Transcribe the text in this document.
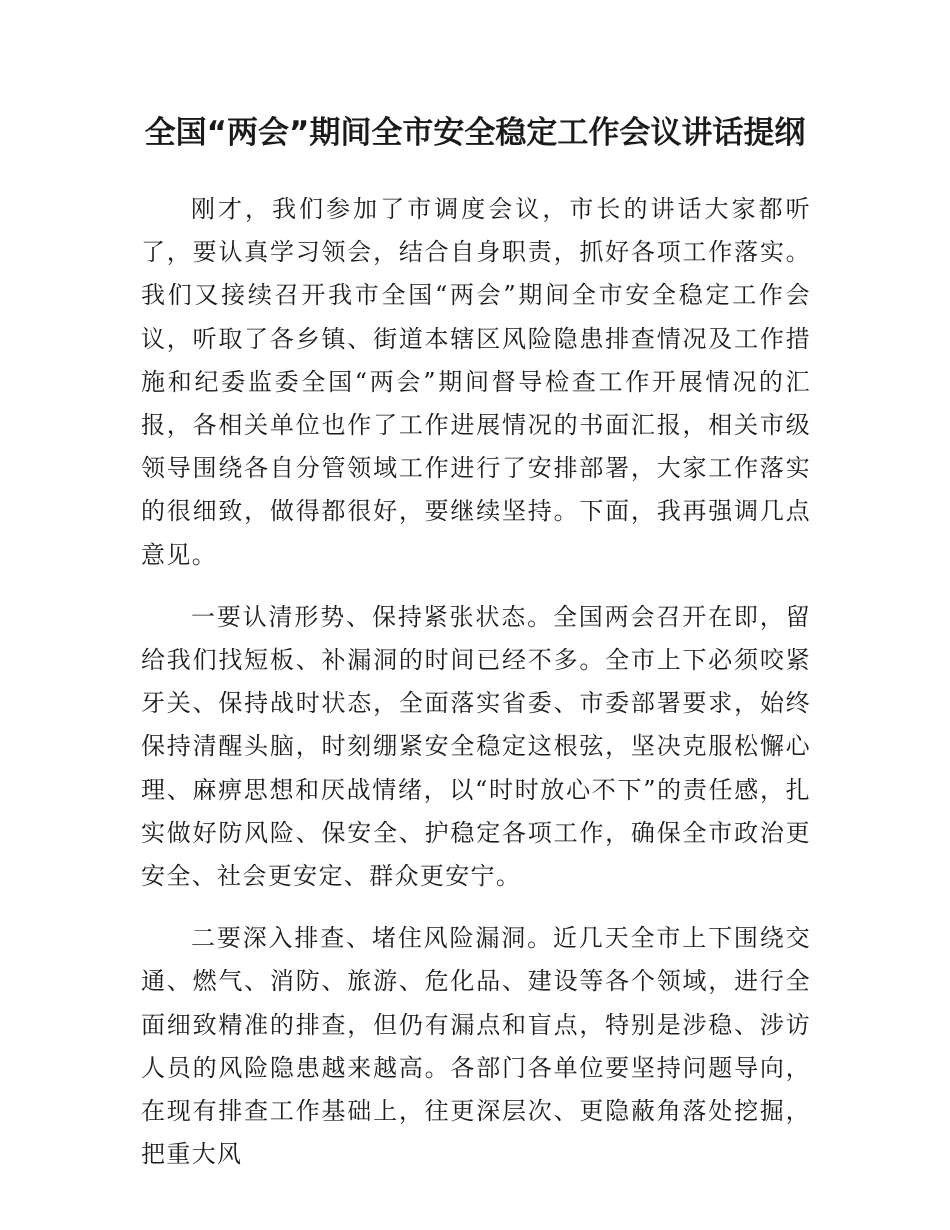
全国“两会”期间全市安全稳定工作会议讲话提纲

刚才，我们参加了市调度会议，市长的讲话大家都听了，要认真学习领会，结合自身职责，抓好各项工作落实。我们又接续召开我市全国“两会”期间全市安全稳定工作会议，听取了各乡镇、街道本辖区风险隐患排查情况及工作措施和纪委监委全国“两会”期间督导检查工作开展情况的汇报，各相关单位也作了工作进展情况的书面汇报，相关市级领导围绕各自分管领域工作进行了安排部署，大家工作落实的很细致，做得都很好，要继续坚持。下面，我再强调几点意见。

一要认清形势、保持紧张状态。全国两会召开在即，留给我们找短板、补漏洞的时间已经不多。全市上下必须咬紧牙关、保持战时状态，全面落实省委、市委部署要求，始终保持清醒头脑，时刻绷紧安全稳定这根弦，坚决克服松懈心理、麻痹思想和厌战情绪，以“时时放心不下”的责任感，扎实做好防风险、保安全、护稳定各项工作，确保全市政治更安全、社会更安定、群众更安宁。

二要深入排查、堵住风险漏洞。近几天全市上下围绕交通、燃气、消防、旅游、危化品、建设等各个领域，进行全面细致精准的排查，但仍有漏点和盲点，特别是涉稳、涉访人员的风险隐患越来越高。各部门各单位要坚持问题导向，在现有排查工作基础上，往更深层次、更隐蔽角落处挖掘，把重大风
